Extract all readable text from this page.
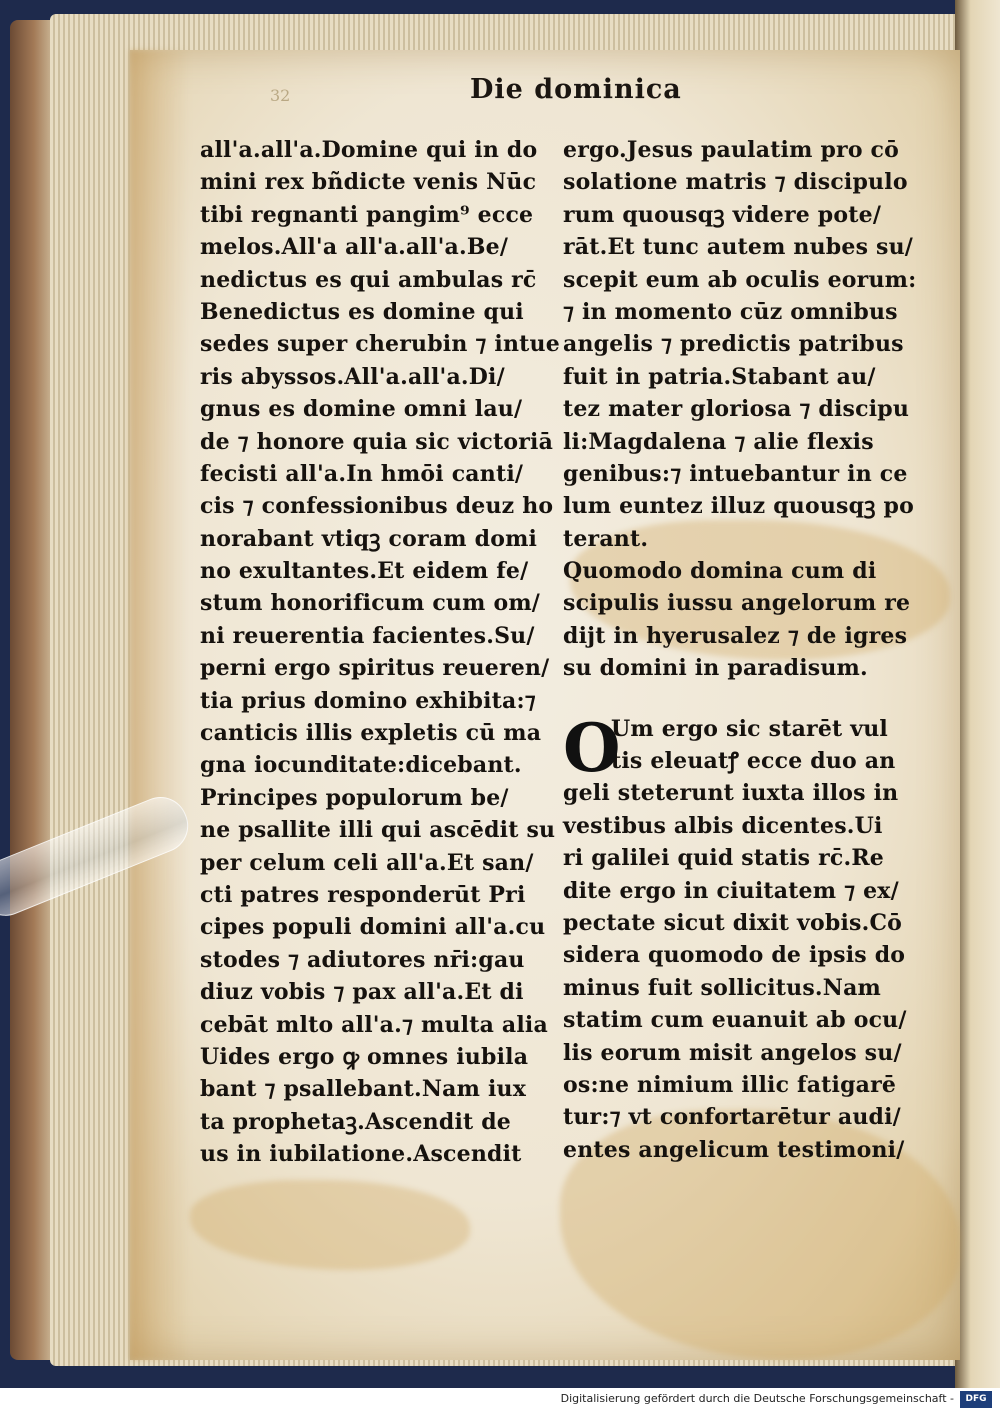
32	Die dominica
all'a.all'a.Domine qui in do
mini rex bñdicte venis Nūc
tibi regnanti pangim⁹ ecce
melos.All'a all'a.all'a.Be/
nedictus es qui ambulas rc̄
Benedictus es domine qui
sedes super cherubin ⁊ intue
ris abyssos.All'a.all'a.Di/
gnus es domine omni lau/
de ⁊ honore quia sic victoriā
fecisti all'a.In hmōi canti/
cis ⁊ confessionibus deuz ho
norabant vtiqꝫ coram domi
no exultantes.Et eidem fe/
stum honorificum cum om/
ni reuerentia facientes.Su/
perni ergo spiritus reueren/
tia prius domino exhibita:⁊
canticis illis expletis cū ma
gna iocunditate:dicebant.
Principes populorum be/
ne psallite illi qui ascēdit su
per celum celi all'a.Et san/
cti patres responderūt Pri
cipes populi domini all'a.cu
stodes ⁊ adiutores nr̄i:gau
diuz vobis ⁊ pax all'a.Et di
cebāt mlto all'a.⁊ multa alia
Uides ergo ꝙ omnes iubila
bant ⁊ psallebant.Nam iux
ta prophetaꝫ.Ascendit de
us in iubilatione.Ascendit
ergo.Jesus paulatim pro cō
solatione matris ⁊ discipulo
rum quousqꝫ videre pote/
rāt.Et tunc autem nubes su/
scepit eum ab oculis eorum:
⁊ in momento cūz omnibus
angelis ⁊ predictis patribus
fuit in patria.Stabant au/
tez mater gloriosa ⁊ discipu
li:Magdalena ⁊ alie flexis
genibus:⁊ intuebantur in ce
lum euntez illuz quousqꝫ po
terant.
Quomodo domina cum di
scipulis iussu angelorum re
dijt in hyerusalez ⁊ de igres
su domini in paradisum.
O
Um ergo sic starēt vul
tis eleuatꝭ ecce duo an
geli steterunt iuxta illos in
vestibus albis dicentes.Ui
ri galilei quid statis rc̄.Re
dite ergo in ciuitatem ⁊ ex/
pectate sicut dixit vobis.Cō
sidera quomodo de ipsis do
minus fuit sollicitus.Nam
statim cum euanuit ab ocu/
lis eorum misit angelos su/
os:ne nimium illic fatigarē
tur:⁊ vt confortarētur audi/
entes angelicum testimoni/
Digitalisierung gefördert durch die Deutsche Forschungsgemeinschaft -	DFG
